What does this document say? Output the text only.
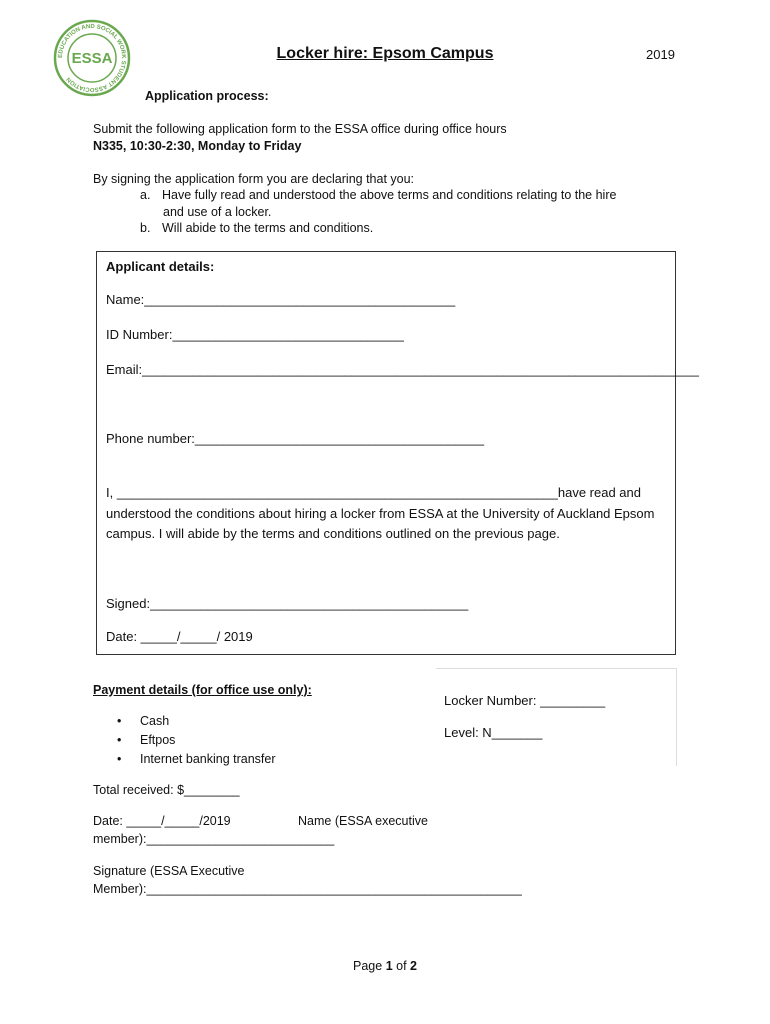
EDUCATION AND SOCIAL WORK STUDENT ASSOCIATION
ESSA	Locker hire: Epsom Campus	2019
Application process:
Submit the following application form to the ESSA office during office hours
N335, 10:30-2:30, Monday to Friday
By signing the application form you are declaring that you:
a. Have fully read and understood the above terms and conditions relating to the hire
and use of a locker.
b. Will abide to the terms and conditions.
Applicant details:
Name:___________________________________________
ID Number:________________________________
Email:_____________________________________________________________________________
Phone number:________________________________________
I, _____________________________________________________________have read and
understood the conditions about hiring a locker from ESSA at the University of Auckland Epsom
campus. I will abide by the terms and conditions outlined on the previous page.
Signed:____________________________________________
Date: _____/_____/ 2019
Locker Number: _________
Level: N_______
Payment details (for office use only):
• Cash
• Eftpos
• Internet banking transfer
Total received: $________
Date: _____/_____/2019	Name (ESSA executive
member):___________________________
Signature (ESSA Executive
Member):______________________________________________________
Page 1 of 2
